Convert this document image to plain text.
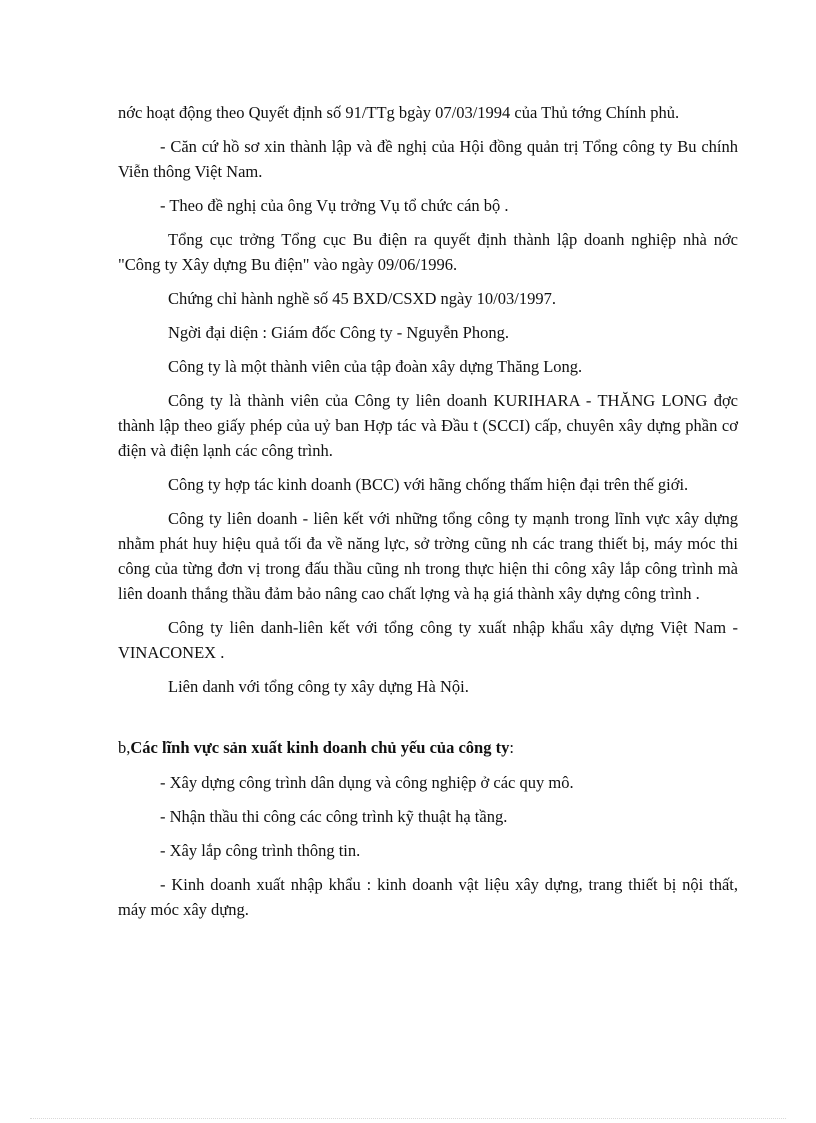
nớc hoạt động theo Quyết định số 91/TTg bgày 07/03/1994 của Thủ tớng Chính phủ.

- Căn cứ hồ sơ xin thành lập và đề nghị của Hội đồng quản trị Tổng công ty Bu chính Viễn thông Việt Nam.

- Theo đề nghị của ông Vụ trởng Vụ tổ chức cán bộ .

Tổng cục trởng Tổng cục Bu điện ra quyết định thành lập doanh nghiệp nhà nớc "Công ty Xây dựng Bu điện" vào ngày 09/06/1996.

Chứng chỉ hành nghề số 45 BXD/CSXD ngày 10/03/1997.

Ngời đại diện : Giám đốc Công ty - Nguyễn Phong.

Công ty là một thành viên của tập đoàn xây dựng Thăng Long.

Công ty là thành viên của Công ty liên doanh KURIHARA - THĂNG LONG đợc thành lập theo giấy phép của uỷ ban Hợp tác và Đầu t (SCCI) cấp, chuyên xây dựng phần cơ điện và điện lạnh các công trình.

Công ty hợp tác kinh doanh (BCC) với hãng chống thấm hiện đại trên thế giới.

Công ty liên doanh - liên kết với những tổng công ty mạnh trong lĩnh vực xây dựng nhằm phát huy hiệu quả tối đa về năng lực, sở trờng cũng nh các trang thiết bị, máy móc thi công của từng đơn vị trong đấu thầu cũng nh trong thực hiện thi công xây lắp công trình mà liên doanh thắng thầu đảm bảo nâng cao chất lợng và hạ giá thành xây dựng công trình .

Công ty liên danh-liên kết với tổng công ty xuất nhập khẩu xây dựng Việt Nam -VINACONEX .

Liên danh với tổng công ty xây dựng Hà Nội.

b,Các lĩnh vực sản xuất kinh doanh chủ yếu của công ty:

- Xây dựng công trình dân dụng và công nghiệp ở các quy mô.

- Nhận thầu thi công các công trình kỹ thuật hạ tầng.

- Xây lắp công trình thông tin.

- Kinh doanh xuất nhập khẩu : kinh doanh vật liệu xây dựng, trang thiết bị nội thất, máy móc xây dựng.
